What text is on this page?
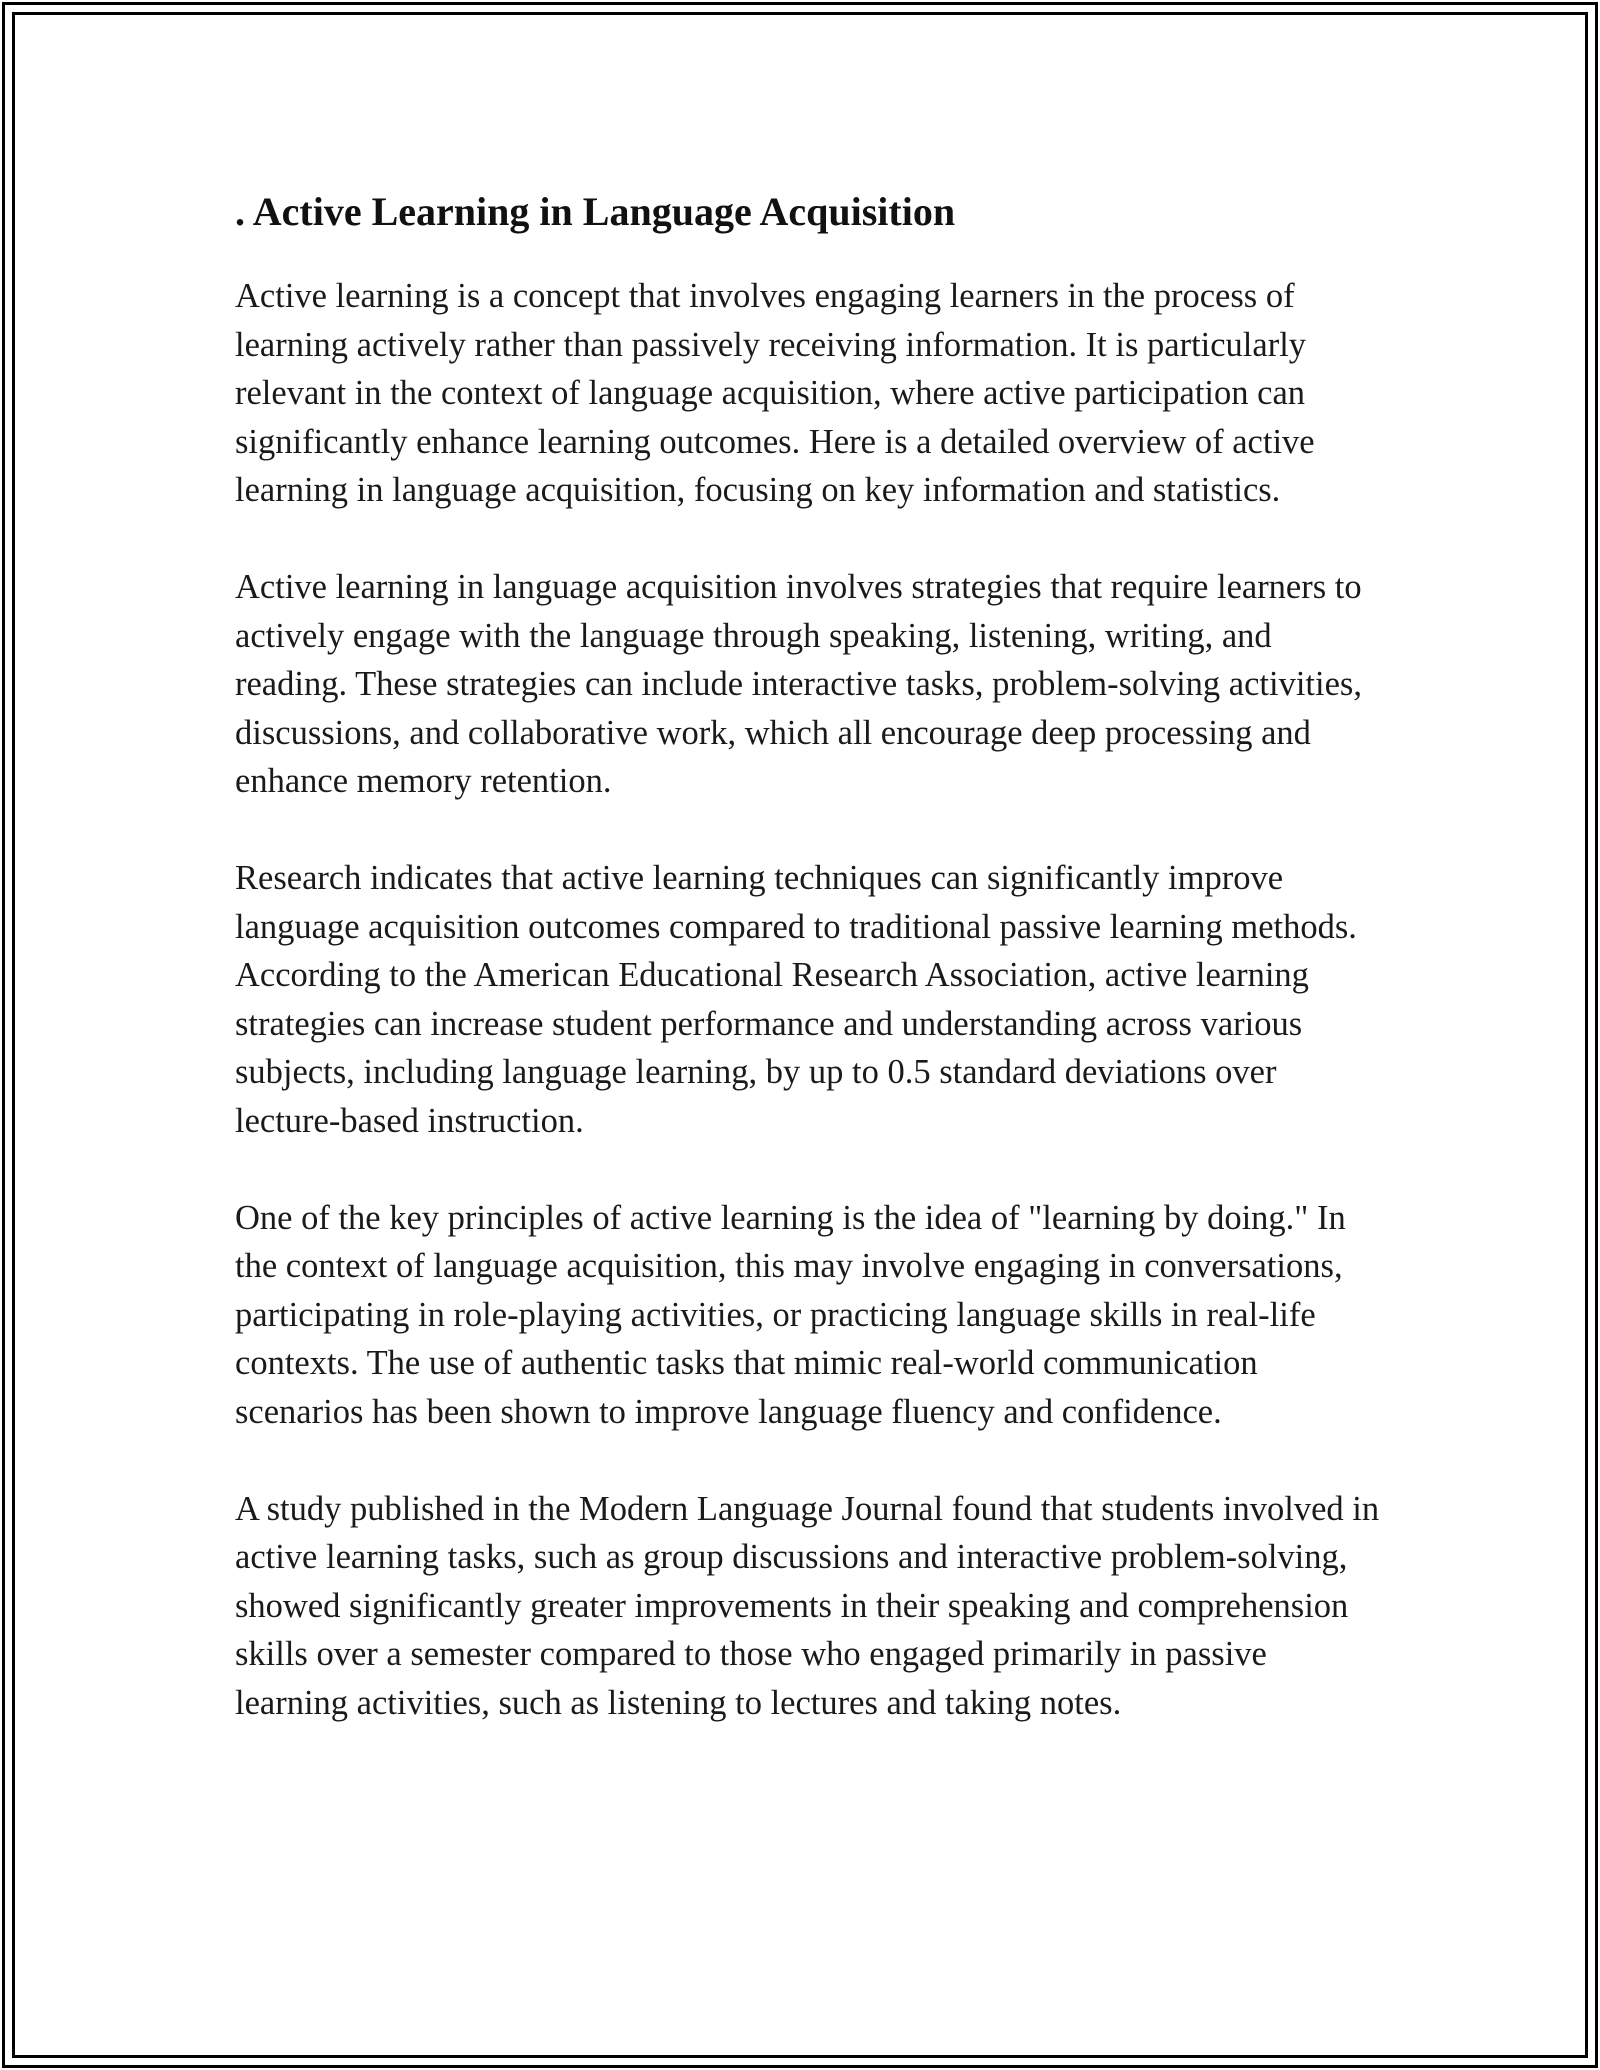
. Active Learning in Language Acquisition

Active learning is a concept that involves engaging learners in the process of learning actively rather than passively receiving information. It is particularly relevant in the context of language acquisition, where active participation can significantly enhance learning outcomes. Here is a detailed overview of active learning in language acquisition, focusing on key information and statistics.

Active learning in language acquisition involves strategies that require learners to actively engage with the language through speaking, listening, writing, and reading. These strategies can include interactive tasks, problem-solving activities, discussions, and collaborative work, which all encourage deep processing and enhance memory retention.

Research indicates that active learning techniques can significantly improve language acquisition outcomes compared to traditional passive learning methods. According to the American Educational Research Association, active learning strategies can increase student performance and understanding across various subjects, including language learning, by up to 0.5 standard deviations over lecture-based instruction.

One of the key principles of active learning is the idea of "learning by doing." In the context of language acquisition, this may involve engaging in conversations, participating in role-playing activities, or practicing language skills in real-life contexts. The use of authentic tasks that mimic real-world communication scenarios has been shown to improve language fluency and confidence.

A study published in the Modern Language Journal found that students involved in active learning tasks, such as group discussions and interactive problem-solving, showed significantly greater improvements in their speaking and comprehension skills over a semester compared to those who engaged primarily in passive learning activities, such as listening to lectures and taking notes.
